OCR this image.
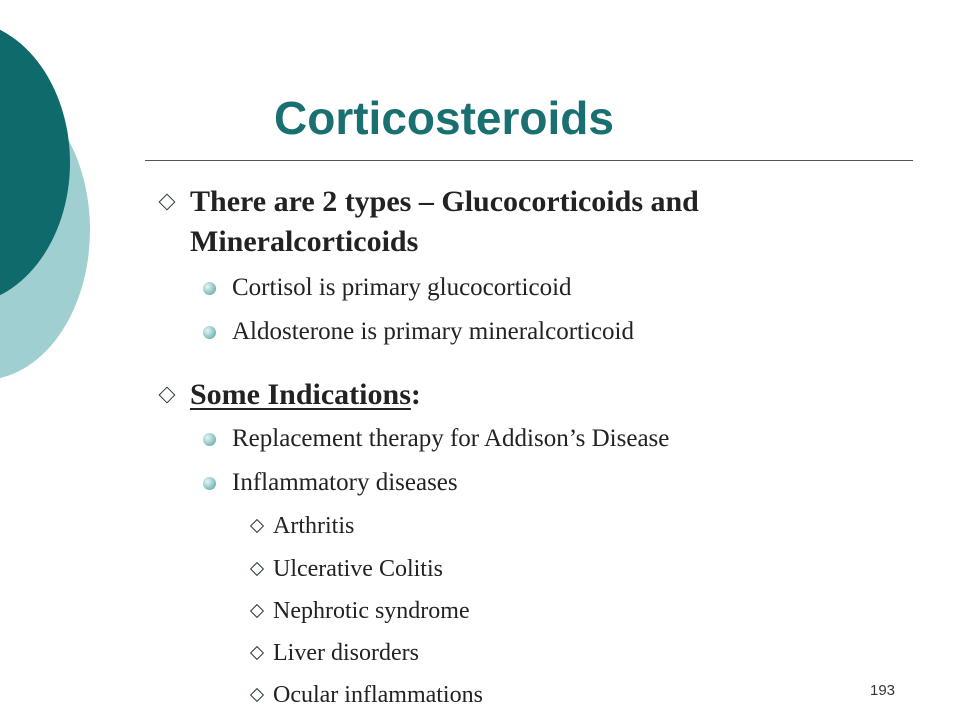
Corticosteroids
There are 2 types – Glucocorticoids and
Mineralcorticoids
Cortisol is primary glucocorticoid
Aldosterone is primary mineralcorticoid
Some Indications:
Replacement therapy for Addison’s Disease
Inflammatory diseases
Arthritis
Ulcerative Colitis
Nephrotic syndrome
Liver disorders
Ocular inflammations	193
